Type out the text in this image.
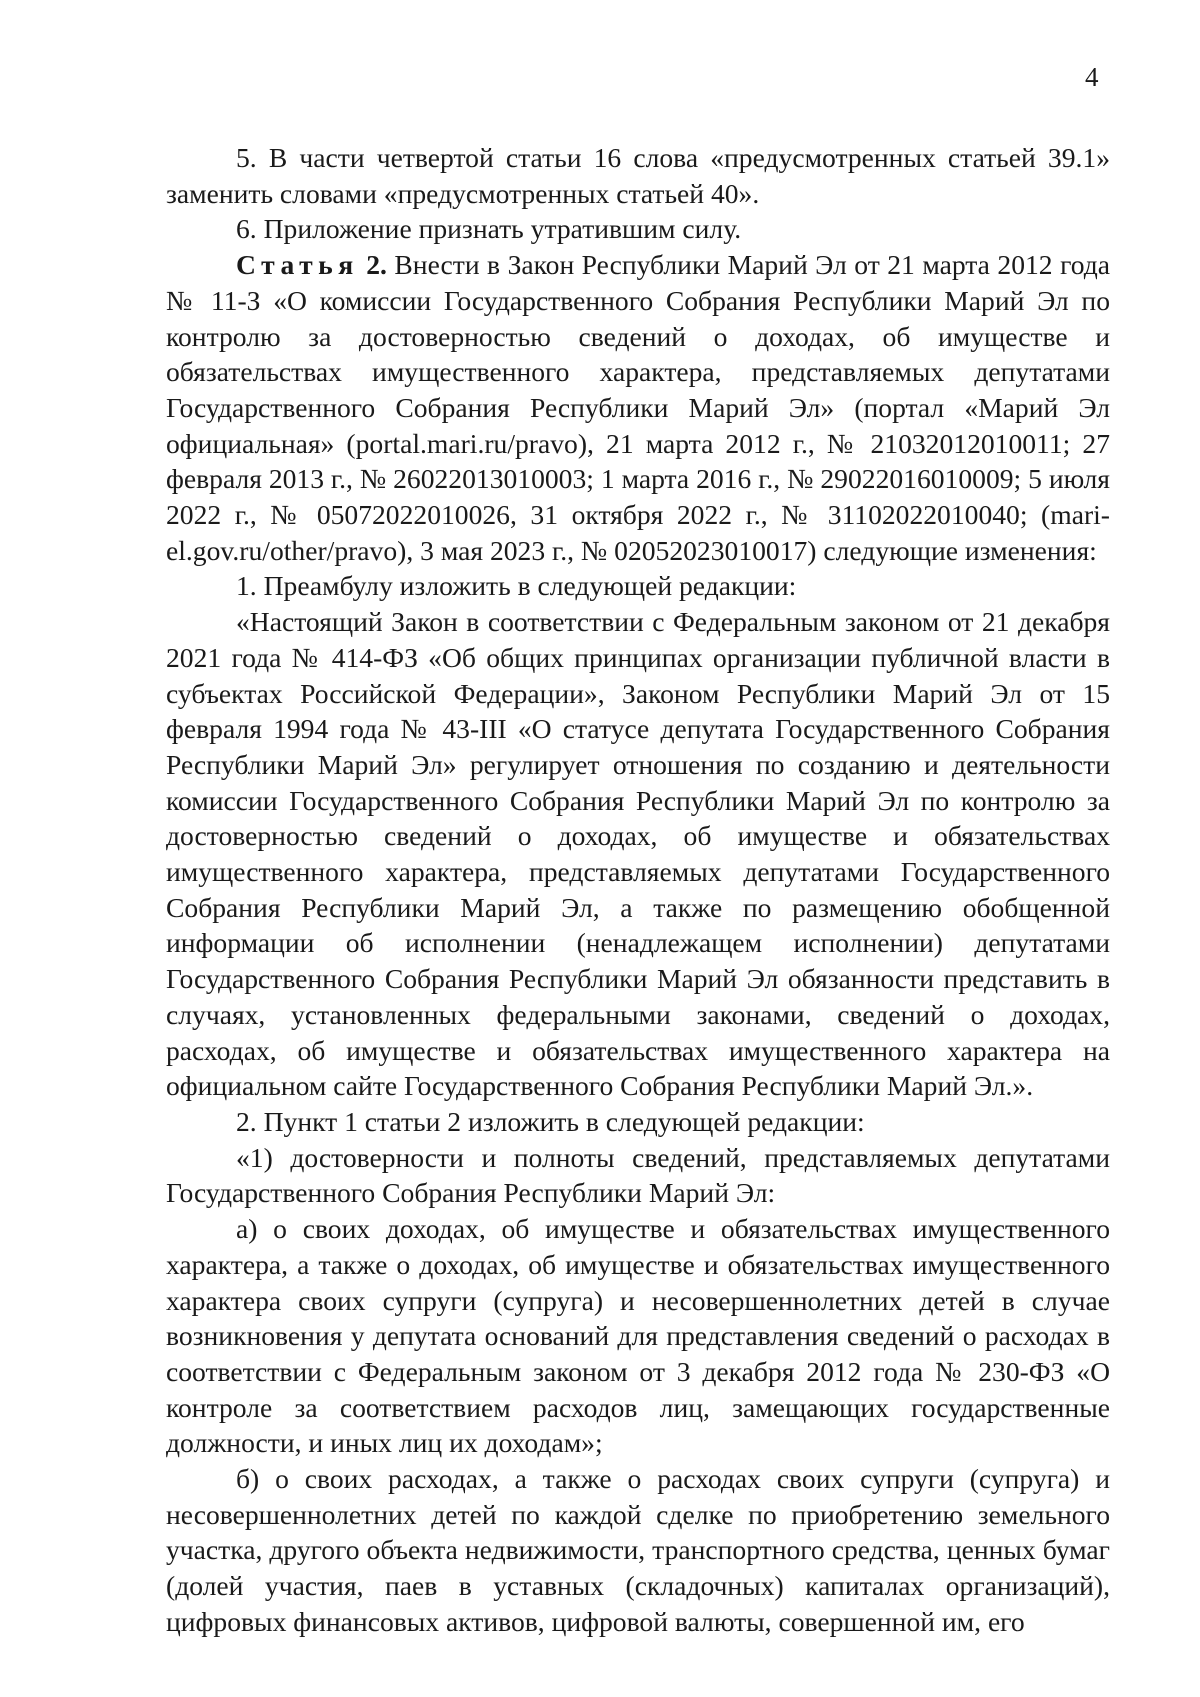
4

5. В части четвертой статьи 16 слова «предусмотренных статьей 39.1» заменить словами «предусмотренных статьей 40».

6. Приложение признать утратившим силу.

Статья 2. Внести в Закон Республики Марий Эл от 21 марта 2012 года № 11-З «О комиссии Государственного Собрания Республики Марий Эл по контролю за достоверностью сведений о доходах, об имуществе и обязательствах имущественного характера, представляемых депутатами Государственного Собрания Республики Марий Эл» (портал «Марий Эл официальная» (portal.mari.ru/pravo), 21 марта 2012 г., № 21032012010011; 27 февраля 2013 г., № 26022013010003; 1 марта 2016 г., № 29022016010009; 5 июля 2022 г., № 05072022010026, 31 октября 2022 г., № 31102022010040; (mari-el.gov.ru/other/pravo), 3 мая 2023 г., № 02052023010017) следующие изменения:

1. Преамбулу изложить в следующей редакции:

«Настоящий Закон в соответствии с Федеральным законом от 21 декабря 2021 года № 414-ФЗ «Об общих принципах организации публичной власти в субъектах Российской Федерации», Законом Республики Марий Эл от 15 февраля 1994 года № 43-III «О статусе депутата Государственного Собрания Республики Марий Эл» регулирует отношения по созданию и деятельности комиссии Государственного Собрания Республики Марий Эл по контролю за достоверностью сведений о доходах, об имуществе и обязательствах имущественного характера, представляемых депутатами Государственного Собрания Республики Марий Эл, а также по размещению обобщенной информации об исполнении (ненадлежащем исполнении) депутатами Государственного Собрания Республики Марий Эл обязанности представить в случаях, установленных федеральными законами, сведений о доходах, расходах, об имуществе и обязательствах имущественного характера на официальном сайте Государственного Собрания Республики Марий Эл.».

2. Пункт 1 статьи 2 изложить в следующей редакции:

«1) достоверности и полноты сведений, представляемых депутатами Государственного Собрания Республики Марий Эл:

а) о своих доходах, об имуществе и обязательствах имущественного характера, а также о доходах, об имуществе и обязательствах имущественного характера своих супруги (супруга) и несовершеннолетних детей в случае возникновения у депутата оснований для представления сведений о расходах в соответствии с Федеральным законом от 3 декабря 2012 года № 230-ФЗ «О контроле за соответствием расходов лиц, замещающих государственные должности, и иных лиц их доходам»;

б) о своих расходах, а также о расходах своих супруги (супруга) и несовершеннолетних детей по каждой сделке по приобретению земельного участка, другого объекта недвижимости, транспортного средства, ценных бумаг (долей участия, паев в уставных (складочных) капиталах организаций), цифровых финансовых активов, цифровой валюты, совершенной им, его
